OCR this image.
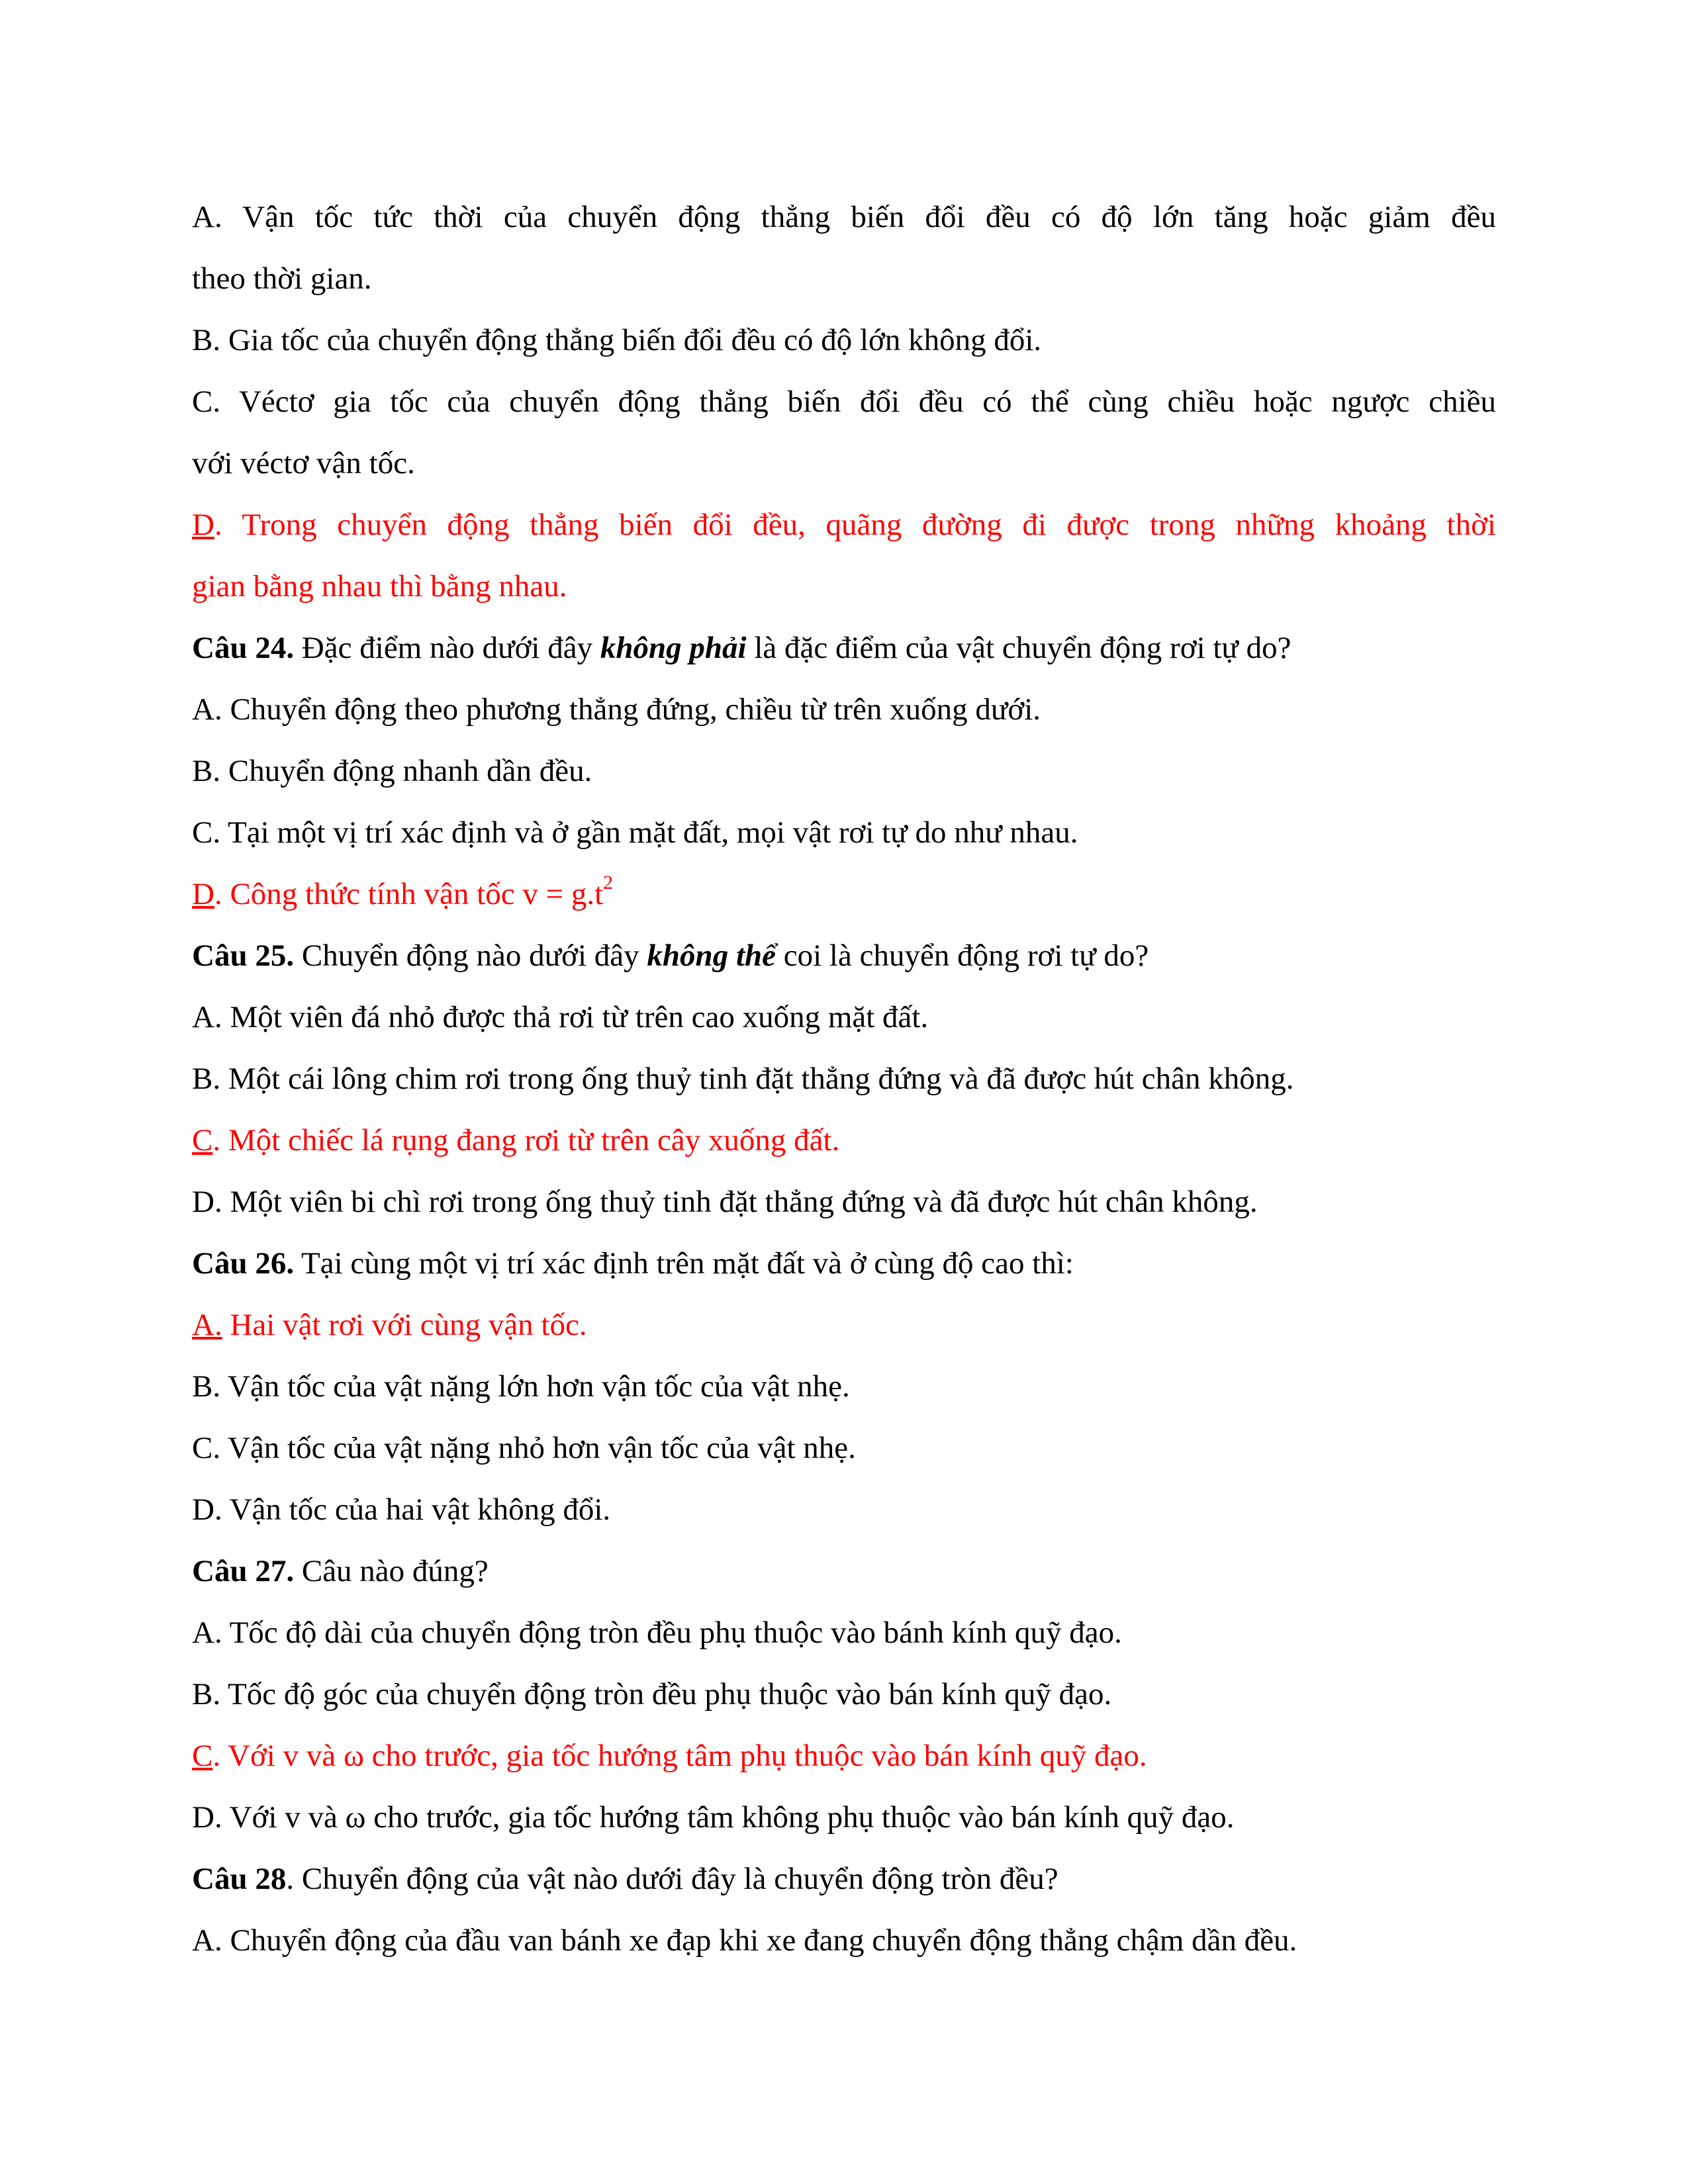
A. Vận tốc tức thời của chuyển động thẳng biến đổi đều có độ lớn tăng hoặc giảm đều
theo thời gian.
B. Gia tốc của chuyển động thẳng biến đổi đều có độ lớn không đổi.
C. Véctơ gia tốc của chuyển động thẳng biến đổi đều có thể cùng chiều hoặc ngược chiều
với véctơ vận tốc.
D. Trong chuyển động thẳng biến đổi đều, quãng đường đi được trong những khoảng thời
gian bằng nhau thì bằng nhau.
Câu 24. Đặc điểm nào dưới đây không phải là đặc điểm của vật chuyển động rơi tự do?
A. Chuyển động theo phương thẳng đứng, chiều từ trên xuống dưới.
B. Chuyển động nhanh dần đều.
C. Tại một vị trí xác định và ở gần mặt đất, mọi vật rơi tự do như nhau.
D. Công thức tính vận tốc $v = g.t^2$
Câu 25. Chuyển động nào dưới đây không thể coi là chuyển động rơi tự do?
A. Một viên đá nhỏ được thả rơi từ trên cao xuống mặt đất.
B. Một cái lông chim rơi trong ống thuỷ tinh đặt thẳng đứng và đã được hút chân không.
C. Một chiếc lá rụng đang rơi từ trên cây xuống đất.
D. Một viên bi chì rơi trong ống thuỷ tinh đặt thẳng đứng và đã được hút chân không.
Câu 26. Tại cùng một vị trí xác định trên mặt đất và ở cùng độ cao thì:
A. Hai vật rơi với cùng vận tốc.
B. Vận tốc của vật nặng lớn hơn vận tốc của vật nhẹ.
C. Vận tốc của vật nặng nhỏ hơn vận tốc của vật nhẹ.
D. Vận tốc của hai vật không đổi.
Câu 27. Câu nào đúng?
A. Tốc độ dài của chuyển động tròn đều phụ thuộc vào bánh kính quỹ đạo.
B. Tốc độ góc của chuyển động tròn đều phụ thuộc vào bán kính quỹ đạo.
C. Với v và ω cho trước, gia tốc hướng tâm phụ thuộc vào bán kính quỹ đạo.
D. Với v và ω cho trước, gia tốc hướng tâm không phụ thuộc vào bán kính quỹ đạo.
Câu 28. Chuyển động của vật nào dưới đây là chuyển động tròn đều?
A. Chuyển động của đầu van bánh xe đạp khi xe đang chuyển động thẳng chậm dần đều.
